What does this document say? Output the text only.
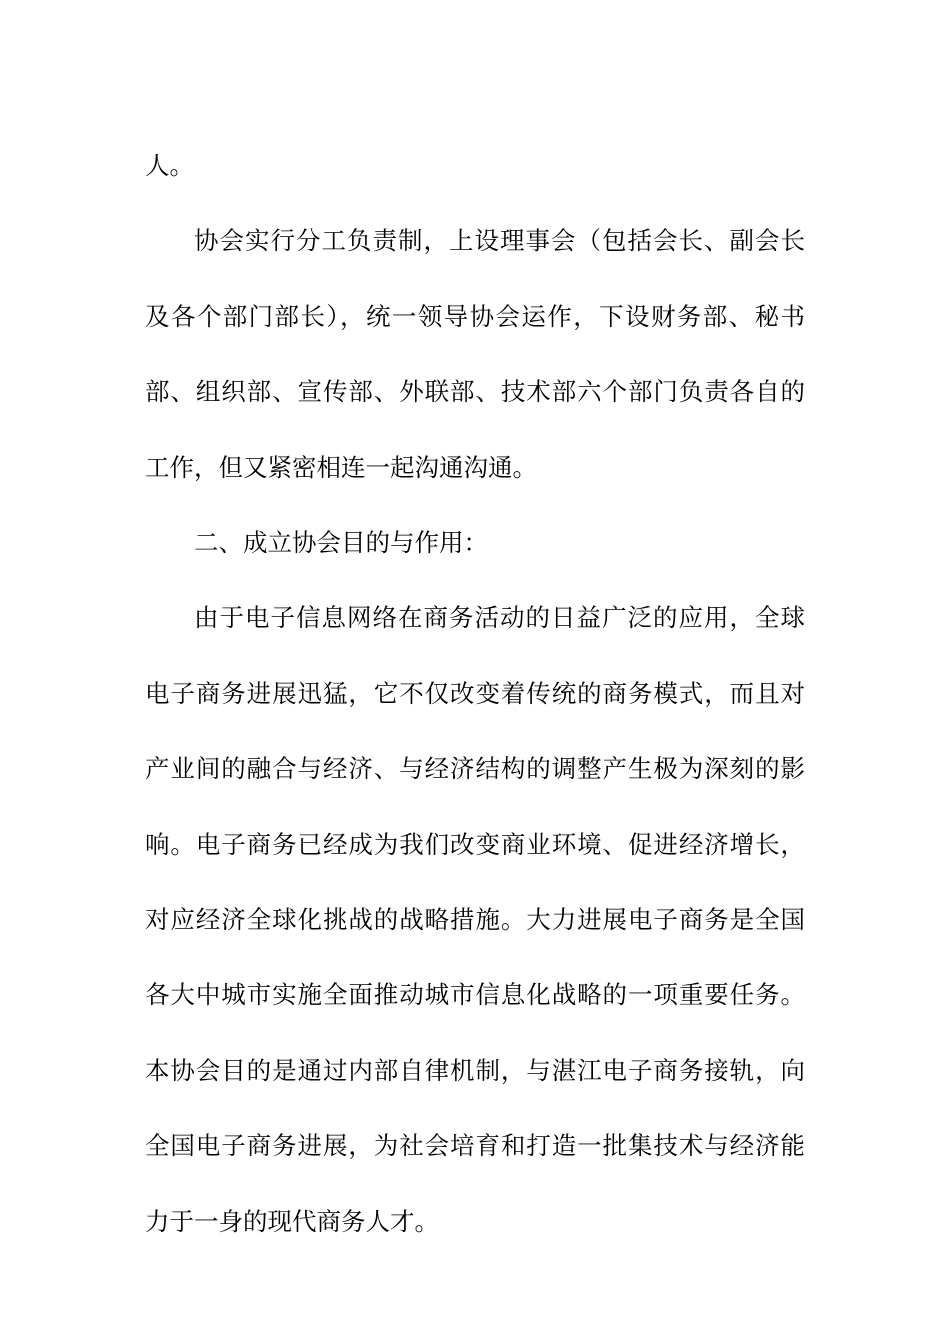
人。

协会实行分工负责制，上设理事会（包括会长、副会长及各个部门部长），统一领导协会运作，下设财务部、秘书部、组织部、宣传部、外联部、技术部六个部门负责各自的工作，但又紧密相连一起沟通沟通。

二、成立协会目的与作用：

由于电子信息网络在商务活动的日益广泛的应用，全球电子商务进展迅猛，它不仅改变着传统的商务模式，而且对产业间的融合与经济、与经济结构的调整产生极为深刻的影响。电子商务已经成为我们改变商业环境、促进经济增长，对应经济全球化挑战的战略措施。大力进展电子商务是全国各大中城市实施全面推动城市信息化战略的一项重要任务。本协会目的是通过内部自律机制，与湛江电子商务接轨，向全国电子商务进展，为社会培育和打造一批集技术与经济能力于一身的现代商务人才。
